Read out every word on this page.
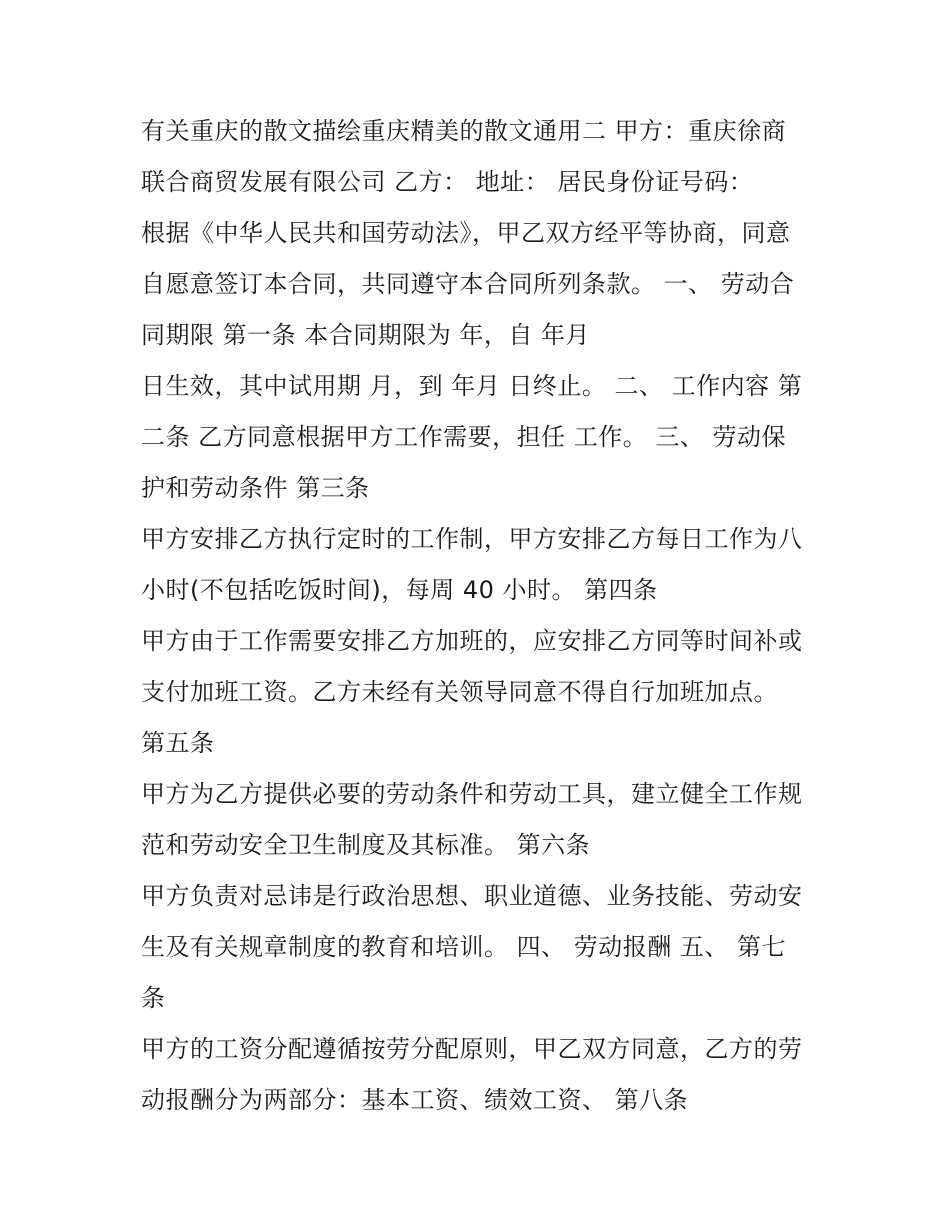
有关重庆的散文描绘重庆精美的散文通用二 甲方：重庆徐商
联合商贸发展有限公司 乙方： 地址： 居民身份证号码：
根据《中华人民共和国劳动法》，甲乙双方经平等协商，同意
自愿意签订本合同，共同遵守本合同所列条款。 一、 劳动合
同期限 第一条 本合同期限为 年，自 年月
日生效，其中试用期 月，到 年月 日终止。 二、 工作内容 第
二条 乙方同意根据甲方工作需要，担任 工作。 三、 劳动保
护和劳动条件 第三条
甲方安排乙方执行定时的工作制，甲方安排乙方每日工作为八
小时(不包括吃饭时间)，每周 40 小时。 第四条
甲方由于工作需要安排乙方加班的，应安排乙方同等时间补或
支付加班工资。乙方未经有关领导同意不得自行加班加点。
第五条
甲方为乙方提供必要的劳动条件和劳动工具，建立健全工作规
范和劳动安全卫生制度及其标准。 第六条
甲方负责对忌讳是行政治思想、职业道德、业务技能、劳动安
生及有关规章制度的教育和培训。 四、 劳动报酬 五、 第七
条
甲方的工资分配遵循按劳分配原则，甲乙双方同意，乙方的劳
动报酬分为两部分：基本工资、绩效工资、 第八条
